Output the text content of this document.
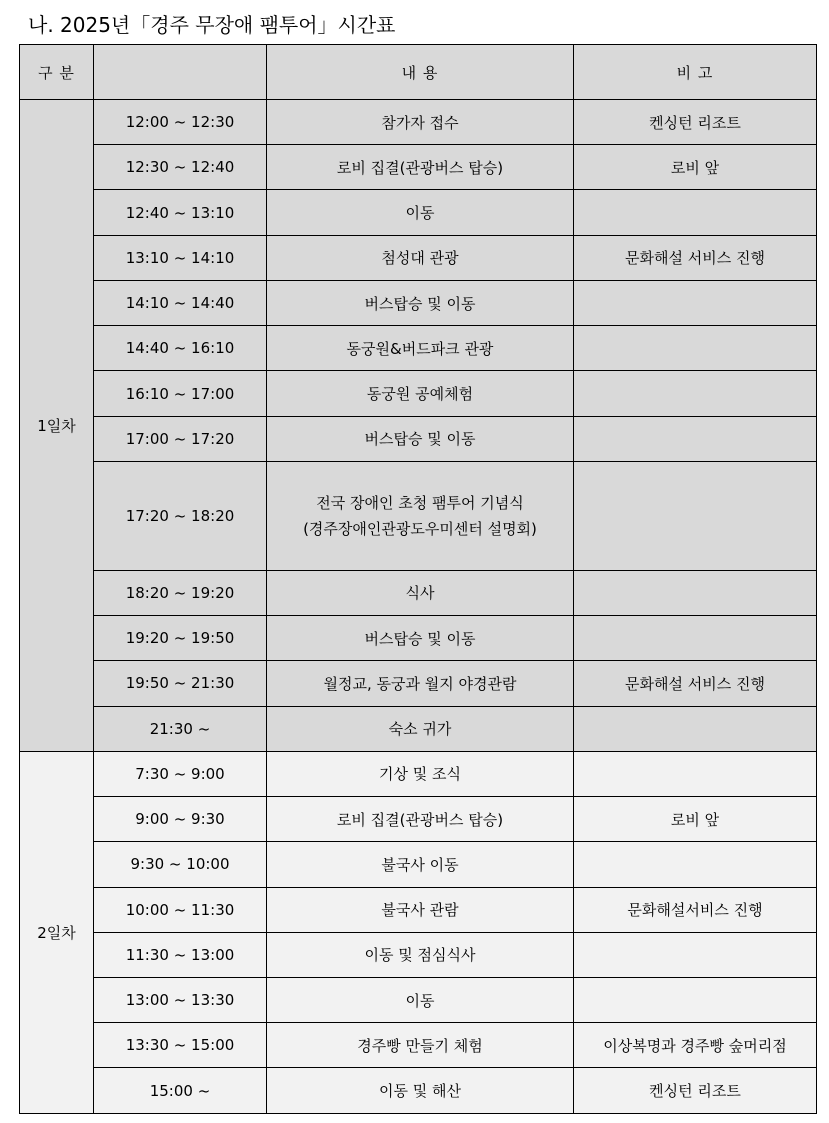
나. 2025년「경주 무장애 팸투어」시간표
구 분		내 용	비 고
1일차	12:00 ~ 12:30	참가자 접수	켄싱턴 리조트
	12:30 ~ 12:40	로비 집결(관광버스 탑승)	로비 앞
	12:40 ~ 13:10	이동	
	13:10 ~ 14:10	첨성대 관광	문화해설 서비스 진행
	14:10 ~ 14:40	버스탑승 및 이동	
	14:40 ~ 16:10	동궁원&버드파크 관광	
	16:10 ~ 17:00	동궁원 공예체험	
	17:00 ~ 17:20	버스탑승 및 이동	
	17:20 ~ 18:20	전국 장애인 초청 팸투어 기념식
(경주장애인관광도우미센터 설명회)	

	18:20 ~ 19:20	식사	
	19:20 ~ 19:50	버스탑승 및 이동	
	19:50 ~ 21:30	월정교, 동궁과 월지 야경관람	문화해설 서비스 진행
	21:30 ~	숙소 귀가	
2일차	7:30 ~ 9:00	기상 및 조식	
	9:00 ~ 9:30	로비 집결(관광버스 탑승)	로비 앞
	9:30 ~ 10:00	불국사 이동	
	10:00 ~ 11:30	불국사 관람	문화해설서비스 진행
	11:30 ~ 13:00	이동 및 점심식사	
	13:00 ~ 13:30	이동	
	13:30 ~ 15:00	경주빵 만들기 체험	이상복명과 경주빵 숲머리점
	15:00 ~	이동 및 해산	켄싱턴 리조트
